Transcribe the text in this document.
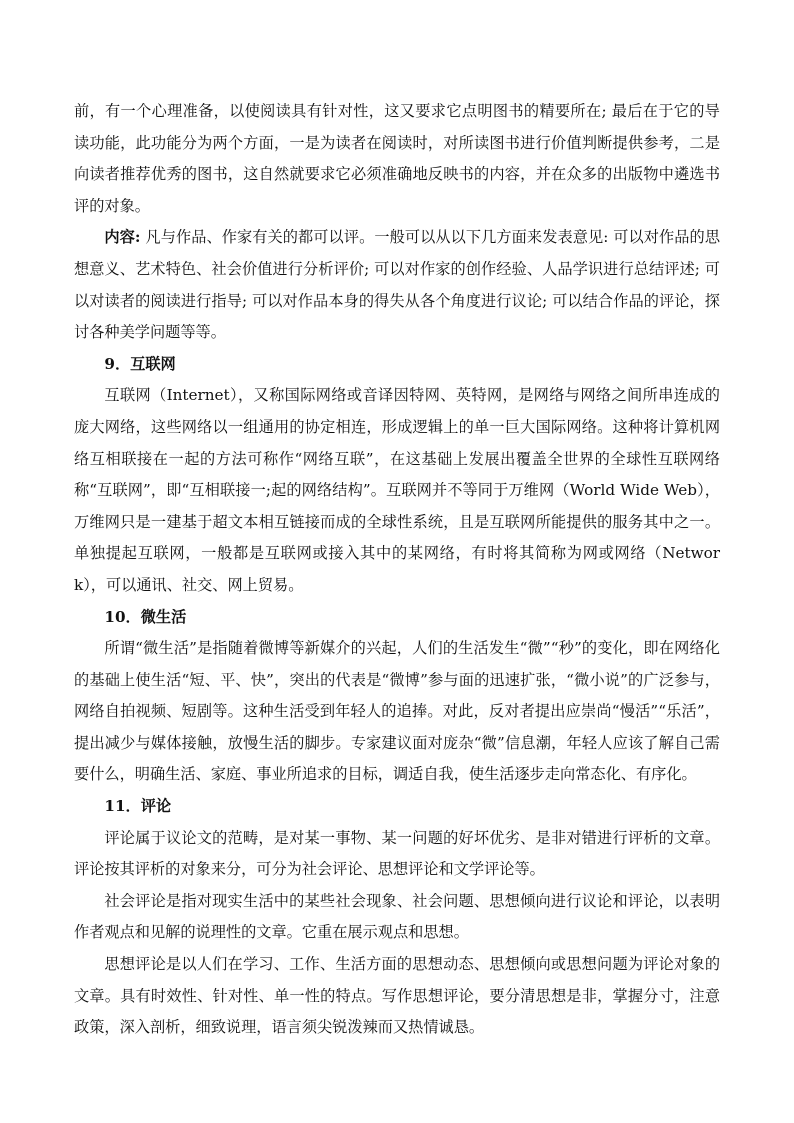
前，有一个心理准备，以使阅读具有针对性，这又要求它点明图书的精要所在; 最后在于它的导读功能，此功能分为两个方面，一是为读者在阅读时，对所读图书进行价值判断提供参考，二是向读者推荐优秀的图书，这自然就要求它必须准确地反映书的内容，并在众多的出版物中遴选书评的对象。

内容: 凡与作品、作家有关的都可以评。一般可以从以下几方面来发表意见: 可以对作品的思想意义、艺术特色、社会价值进行分析评价; 可以对作家的创作经验、人品学识进行总结评述; 可以对读者的阅读进行指导; 可以对作品本身的得失从各个角度进行议论; 可以结合作品的评论，探讨各种美学问题等等。

9．互联网

互联网（Internet），又称国际网络或音译因特网、英特网，是网络与网络之间所串连成的庞大网络，这些网络以一组通用的协定相连，形成逻辑上的单一巨大国际网络。这种将计算机网络互相联接在一起的方法可称作“网络互联”，在这基础上发展出覆盖全世界的全球性互联网络称“互联网”，即“互相联接一;起的网络结构”。互联网并不等同于万维网（World Wide Web），万维网只是一建基于超文本相互链接而成的全球性系统，且是互联网所能提供的服务其中之一。单独提起互联网，一般都是互联网或接入其中的某网络，有时将其简称为网或网络（Network），可以通讯、社交、网上贸易。

10．微生活

所谓“微生活”是指随着微博等新媒介的兴起，人们的生活发生“微”“秒”的变化，即在网络化的基础上使生活“短、平、快”，突出的代表是“微博”参与面的迅速扩张，“微小说”的广泛参与，网络自拍视频、短剧等。这种生活受到年轻人的追捧。对此，反对者提出应崇尚“慢活”“乐活”，提出减少与媒体接触，放慢生活的脚步。专家建议面对庞杂“微”信息潮，年轻人应该了解自己需要什么，明确生活、家庭、事业所追求的目标，调适自我，使生活逐步走向常态化、有序化。

11．评论

评论属于议论文的范畴，是对某一事物、某一问题的好坏优劣、是非对错进行评析的文章。评论按其评析的对象来分，可分为社会评论、思想评论和文学评论等。

社会评论是指对现实生活中的某些社会现象、社会问题、思想倾向进行议论和评论，以表明作者观点和见解的说理性的文章。它重在展示观点和思想。

思想评论是以人们在学习、工作、生活方面的思想动态、思想倾向或思想问题为评论对象的文章。具有时效性、针对性、单一性的特点。写作思想评论，要分清思想是非，掌握分寸，注意政策，深入剖析，细致说理，语言须尖锐泼辣而又热情诚恳。
